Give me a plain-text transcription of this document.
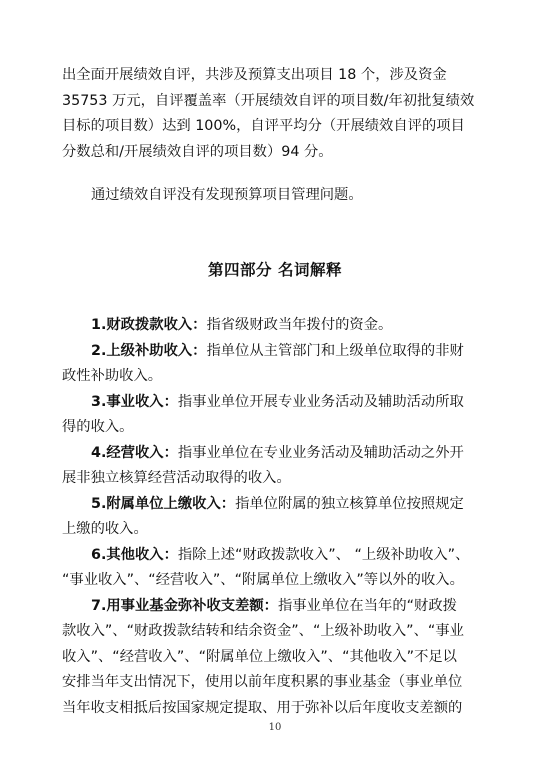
出全面开展绩效自评，共涉及预算支出项目 18 个，涉及资金
35753 万元，自评覆盖率（开展绩效自评的项目数/年初批复绩效
目标的项目数）达到 100%，自评平均分（开展绩效自评的项目
分数总和/开展绩效自评的项目数）94 分。
通过绩效自评没有发现预算项目管理问题。
第四部分 名词解释
1.财政拨款收入：指省级财政当年拨付的资金。
2.上级补助收入：指单位从主管部门和上级单位取得的非财
政性补助收入。
3.事业收入：指事业单位开展专业业务活动及辅助活动所取
得的收入。
4.经营收入：指事业单位在专业业务活动及辅助活动之外开
展非独立核算经营活动取得的收入。
5.附属单位上缴收入：指单位附属的独立核算单位按照规定
上缴的收入。
6.其他收入：指除上述“财政拨款收入”、 “上级补助收入”、
“事业收入”、“经营收入”、“附属单位上缴收入”等以外的收入。
7.用事业基金弥补收支差额：指事业单位在当年的“财政拨
款收入”、“财政拨款结转和结余资金”、“上级补助收入”、“事业
收入”、“经营收入”、“附属单位上缴收入”、“其他收入”不足以
安排当年支出情况下，使用以前年度积累的事业基金（事业单位
当年收支相抵后按国家规定提取、用于弥补以后年度收支差额的
10
